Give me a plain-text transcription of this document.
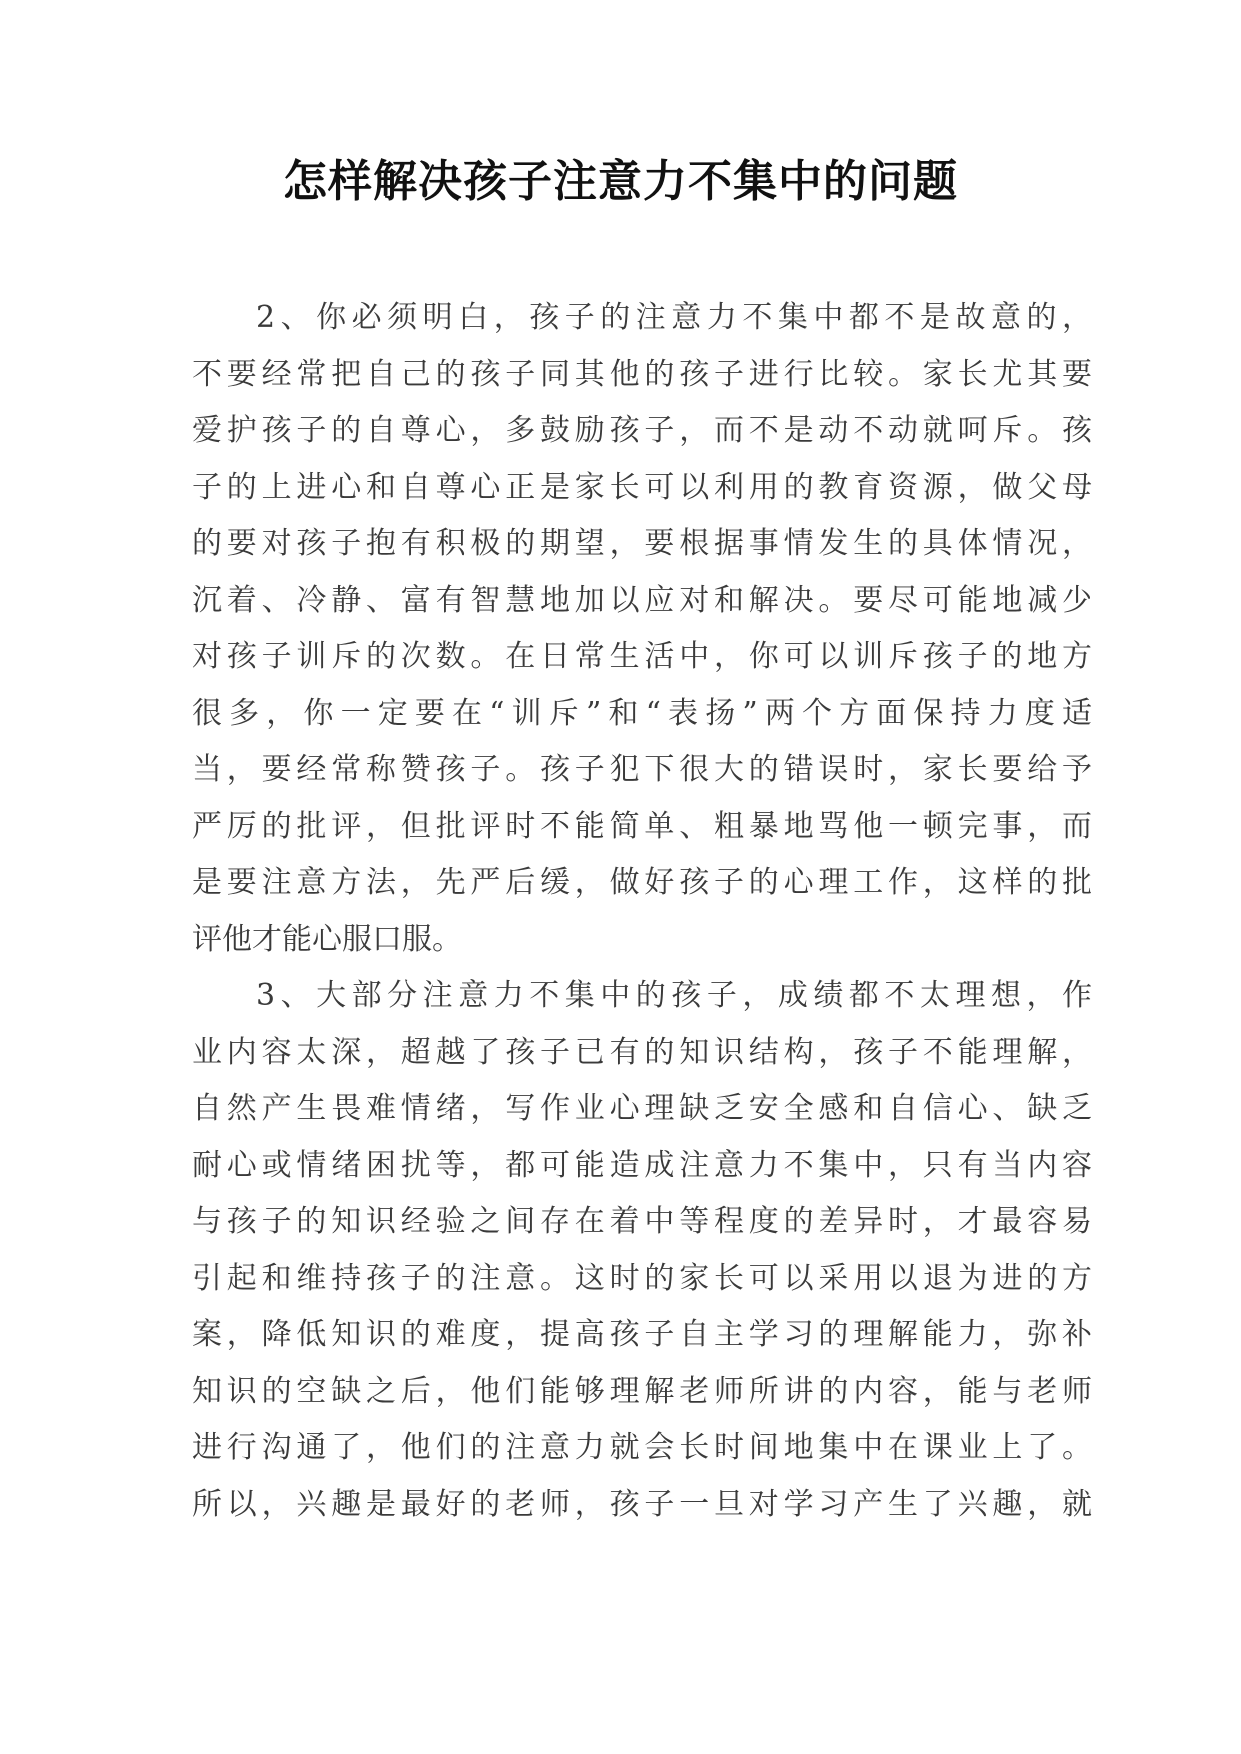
怎样解决孩子注意力不集中的问题
2、你必须明白，孩子的注意力不集中都不是故意的，
不要经常把自己的孩子同其他的孩子进行比较。家长尤其要
爱护孩子的自尊心，多鼓励孩子，而不是动不动就呵斥。孩
子的上进心和自尊心正是家长可以利用的教育资源，做父母
的要对孩子抱有积极的期望，要根据事情发生的具体情况，
沉着、冷静、富有智慧地加以应对和解决。要尽可能地减少
对孩子训斥的次数。在日常生活中，你可以训斥孩子的地方
很多，你一定要在“训斥”和“表扬”两个方面保持力度适
当，要经常称赞孩子。孩子犯下很大的错误时，家长要给予
严厉的批评，但批评时不能简单、粗暴地骂他一顿完事，而
是要注意方法，先严后缓，做好孩子的心理工作，这样的批
评他才能心服口服。
3、大部分注意力不集中的孩子，成绩都不太理想，作
业内容太深，超越了孩子已有的知识结构，孩子不能理解，
自然产生畏难情绪，写作业心理缺乏安全感和自信心、缺乏
耐心或情绪困扰等，都可能造成注意力不集中，只有当内容
与孩子的知识经验之间存在着中等程度的差异时，才最容易
引起和维持孩子的注意。这时的家长可以采用以退为进的方
案，降低知识的难度，提高孩子自主学习的理解能力，弥补
知识的空缺之后，他们能够理解老师所讲的内容，能与老师
进行沟通了，他们的注意力就会长时间地集中在课业上了。
所以，兴趣是最好的老师，孩子一旦对学习产生了兴趣，就
